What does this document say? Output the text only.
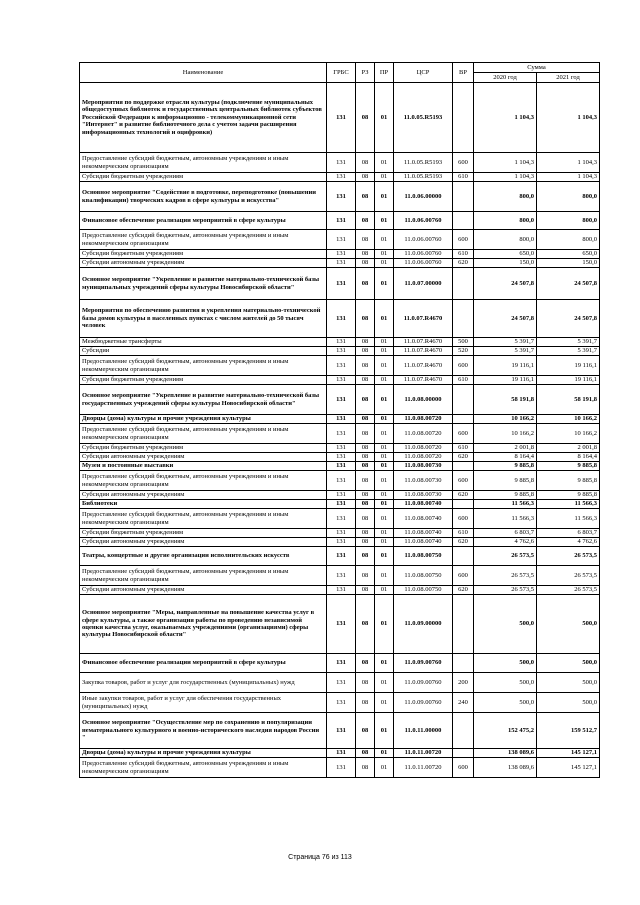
Наименование	ГРБС	РЗ	ПР	ЦСР	ВР	Сумма	
						2020 год	2021 год
Мероприятия по поддержке отрасли культуры (подключение муниципальных общедоступных библиотек и государственных центральных библиотек субъектов Российской Федерации к информационно - телекоммуникационной сети "Интернет" и развитие библиотечного дела с учетом задачи расширения информационных технологий и оцифровки)	131	08	01	11.0.05.R5193		1 104,3	1 104,3
Предоставление субсидий бюджетным, автономным учреждениям и иным некоммерческим организациям	131	08	01	11.0.05.R5193	600	1 104,3	1 104,3
Субсидии бюджетным учреждениям	131	08	01	11.0.05.R5193	610	1 104,3	1 104,3
Основное мероприятие "Содействие в подготовке, переподготовке (повышении квалификации) творческих кадров в сфере культуры и искусства"	131	08	01	11.0.06.00000		800,0	800,0
Финансовое обеспечение реализации мероприятий в сфере культуры	131	08	01	11.0.06.00760		800,0	800,0
Предоставление субсидий бюджетным, автономным учреждениям и иным некоммерческим организациям	131	08	01	11.0.06.00760	600	800,0	800,0
Субсидии бюджетным учреждениям	131	08	01	11.0.06.00760	610	650,0	650,0
Субсидии автономным учреждениям	131	08	01	11.0.06.00760	620	150,0	150,0
Основное мероприятие "Укрепление и развитие материально-технической базы муниципальных учреждений сферы культуры Новосибирской области"	131	08	01	11.0.07.00000		24 507,8	24 507,8
Мероприятия по обеспечению развития и укрепления материально-технической базы домов культуры в населенных пунктах с числом жителей до 50 тысяч человек	131	08	01	11.0.07.R4670		24 507,8	24 507,8
Межбюджетные трансферты	131	08	01	11.0.07.R4670	500	5 391,7	5 391,7
Субсидии	131	08	01	11.0.07.R4670	520	5 391,7	5 391,7
Предоставление субсидий бюджетным, автономным учреждениям и иным некоммерческим организациям	131	08	01	11.0.07.R4670	600	19 116,1	19 116,1
Субсидии бюджетным учреждениям	131	08	01	11.0.07.R4670	610	19 116,1	19 116,1
Основное мероприятие "Укрепление и развитие материально-технической базы государственных учреждений сферы культуры Новосибирской области"	131	08	01	11.0.08.00000		58 191,8	58 191,8
Дворцы (дома) культуры и прочие учреждения культуры	131	08	01	11.0.08.00720		10 166,2	10 166,2
Предоставление субсидий бюджетным, автономным учреждениям и иным некоммерческим организациям	131	08	01	11.0.08.00720	600	10 166,2	10 166,2
Субсидии бюджетным учреждениям	131	08	01	11.0.08.00720	610	2 001,8	2 001,8
Субсидии автономным учреждениям	131	08	01	11.0.08.00720	620	8 164,4	8 164,4
Музеи и постоянные выставки	131	08	01	11.0.08.00730		9 885,8	9 885,8
Предоставление субсидий бюджетным, автономным учреждениям и иным некоммерческим организациям	131	08	01	11.0.08.00730	600	9 885,8	9 885,8
Субсидии автономным учреждениям	131	08	01	11.0.08.00730	620	9 885,8	9 885,8
Библиотеки	131	08	01	11.0.08.00740		11 566,3	11 566,3
Предоставление субсидий бюджетным, автономным учреждениям и иным некоммерческим организациям	131	08	01	11.0.08.00740	600	11 566,3	11 566,3
Субсидии бюджетным учреждениям	131	08	01	11.0.08.00740	610	6 803,7	6 803,7
Субсидии автономным учреждениям	131	08	01	11.0.08.00740	620	4 762,6	4 762,6
Театры, концертные и другие организации исполнительских искусств	131	08	01	11.0.08.00750		26 573,5	26 573,5
Предоставление субсидий бюджетным, автономным учреждениям и иным некоммерческим организациям	131	08	01	11.0.08.00750	600	26 573,5	26 573,5
Субсидии автономным учреждениям	131	08	01	11.0.08.00750	620	26 573,5	26 573,5
Основное мероприятие "Меры, направленные на повышение качества услуг в сфере культуры, а также организация работы по проведению независимой оценки качества услуг, оказываемых учреждениями (организациями) сферы культуры Новосибирской области"	131	08	01	11.0.09.00000		500,0	500,0
Финансовое обеспечение реализации мероприятий в сфере культуры	131	08	01	11.0.09.00760		500,0	500,0
Закупка товаров, работ и услуг для государственных (муниципальных) нужд	131	08	01	11.0.09.00760	200	500,0	500,0
Иные закупки товаров, работ и услуг для обеспечения государственных (муниципальных) нужд	131	08	01	11.0.09.00760	240	500,0	500,0
Основное мероприятие "Осуществление мер по сохранению и популяризации нематериального культурного и военно-исторического наследия народов России "	131	08	01	11.0.11.00000		152 475,2	159 512,7
Дворцы (дома) культуры и прочие учреждения культуры	131	08	01	11.0.11.00720		138 089,6	145 127,1
Предоставление субсидий бюджетным, автономным учреждениям и иным некоммерческим организациям	131	08	01	11.0.11.00720	600	138 089,6	145 127,1
Страница 76 из 113
